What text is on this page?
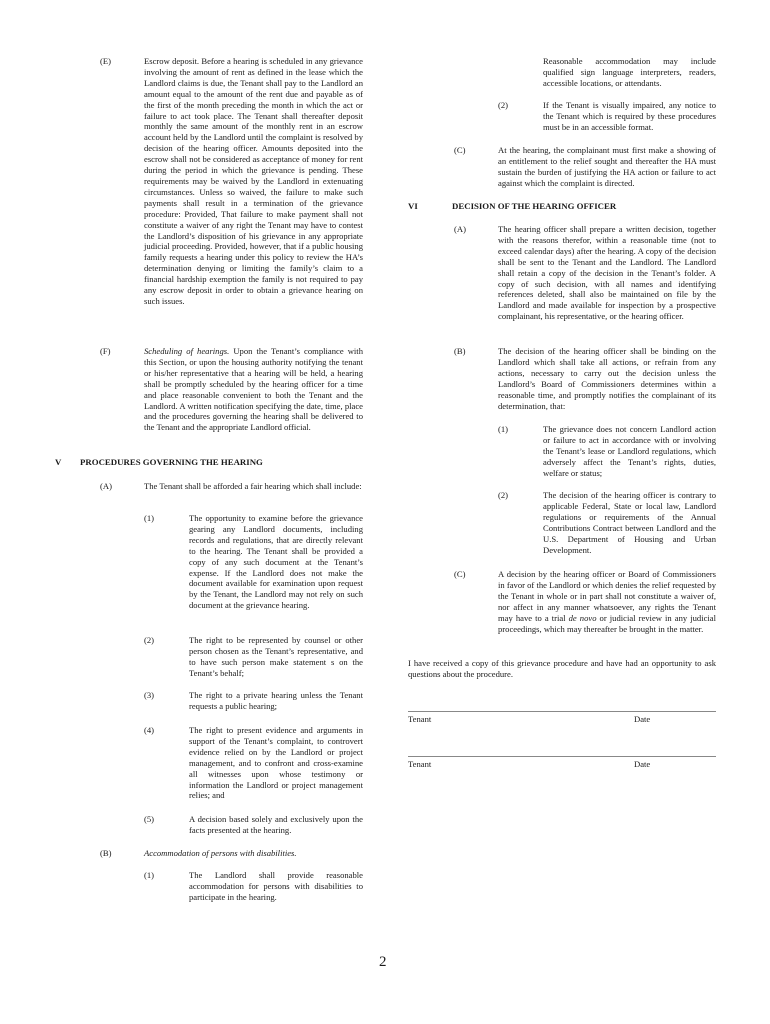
(E)	Escrow deposit. Before a hearing is scheduled in any grievance involving the amount of rent as defined in the lease which the Landlord claims is due, the Tenant shall pay to the Landlord an amount equal to the amount of the rent due and payable as of the first of the month preceding the month in which the act or failure to act took place. The Tenant shall thereafter deposit monthly the same amount of the monthly rent in an escrow account held by the Landlord until the complaint is resolved by decision of the hearing officer. Amounts deposited into the escrow shall not be considered as acceptance of money for rent during the period in which the grievance is pending. These requirements may be waived by the Landlord in extenuating circumstances. Unless so waived, the failure to make such payments shall result in a termination of the grievance procedure: Provided, That failure to make payment shall not constitute a waiver of any right the Tenant may have to contest the Landlord’s disposition of his grievance in any appropriate judicial proceeding. Provided, however, that if a public housing family requests a hearing under this policy to review the HA’s determination denying or limiting the family’s claim to a financial hardship exemption the family is not required to pay any escrow deposit in order to obtain a grievance hearing on such issues.

(F)	Scheduling of hearings. Upon the Tenant’s compliance with this Section, or upon the housing authority notifying the tenant or his/her representative that a hearing will be held, a hearing shall be promptly scheduled by the hearing officer for a time and place reasonable convenient to both the Tenant and the Landlord. A written notification specifying the date, time, place and the procedures governing the hearing shall be delivered to the Tenant and the appropriate Landlord official.

V PROCEDURES GOVERNING THE HEARING
(A)	The Tenant shall be afforded a fair hearing which shall include:

(1)	The opportunity to examine before the grievance gearing any Landlord documents, including records and regulations, that are directly relevant to the hearing. The Tenant shall be provided a copy of any such document at the Tenant’s expense. If the Landlord does not make the document available for examination upon request by the Tenant, the Landlord may not rely on such document at the grievance hearing.

(2)	The right to be represented by counsel or other person chosen as the Tenant’s representative, and to have such person make statement s on the Tenant’s behalf;

(3)	The right to a private hearing unless the Tenant requests a public hearing;

(4)	The right to present evidence and arguments in support of the Tenant’s complaint, to controvert evidence relied on by the Landlord or project management, and to confront and cross-examine all witnesses upon whose testimony or information the Landlord or project management relies; and

(5)	A decision based solely and exclusively upon the facts presented at the hearing.

(B)	Accommodation of persons with disabilities.
(1)	The Landlord shall provide reasonable accommodation for persons with disabilities to participate in the hearing.

Reasonable accommodation may include qualified sign language interpreters, readers, accessible locations, or attendants.

(2)	If the Tenant is visually impaired, any notice to the Tenant which is required by these procedures must be in an accessible format.

(C)	At the hearing, the complainant must first make a showing of an entitlement to the relief sought and thereafter the HA must sustain the burden of justifying the HA action or failure to act against which the complaint is directed.

VI	DECISION OF THE HEARING OFFICER
(A)	The hearing officer shall prepare a written decision, together with the reasons therefor, within a reasonable time (not to exceed calendar days) after the hearing. A copy of the decision shall be sent to the Tenant and the Landlord. The Landlord shall retain a copy of the decision in the Tenant’s folder. A copy of such decision, with all names and identifying references deleted, shall also be maintained on file by the Landlord and made available for inspection by a prospective complainant, his representative, or the hearing officer.

(B)	The decision of the hearing officer shall be binding on the Landlord which shall take all actions, or refrain from any actions, necessary to carry out the decision unless the Landlord’s Board of Commissioners determines within a reasonable time, and promptly notifies the complainant of its determination, that:

(1)	The grievance does not concern Landlord action or failure to act in accordance with or involving the Tenant’s lease or Landlord regulations, which adversely affect the Tenant’s rights, duties, welfare or status;

(2)	The decision of the hearing officer is contrary to applicable Federal, State or local law, Landlord regulations or requirements of the Annual Contributions Contract between Landlord and the U.S. Department of Housing and Urban Development.

(C)	A decision by the hearing officer or Board of Commissioners in favor of the Landlord or which denies the relief requested by the Tenant in whole or in part shall not constitute a waiver of, nor affect in any manner whatsoever, any rights the Tenant may have to a trial de novo or judicial review in any judicial proceedings, which may thereafter be brought in the matter.

I have received a copy of this grievance procedure and have had an opportunity to ask questions about the procedure.

Tenant	Date
Tenant	Date
2
